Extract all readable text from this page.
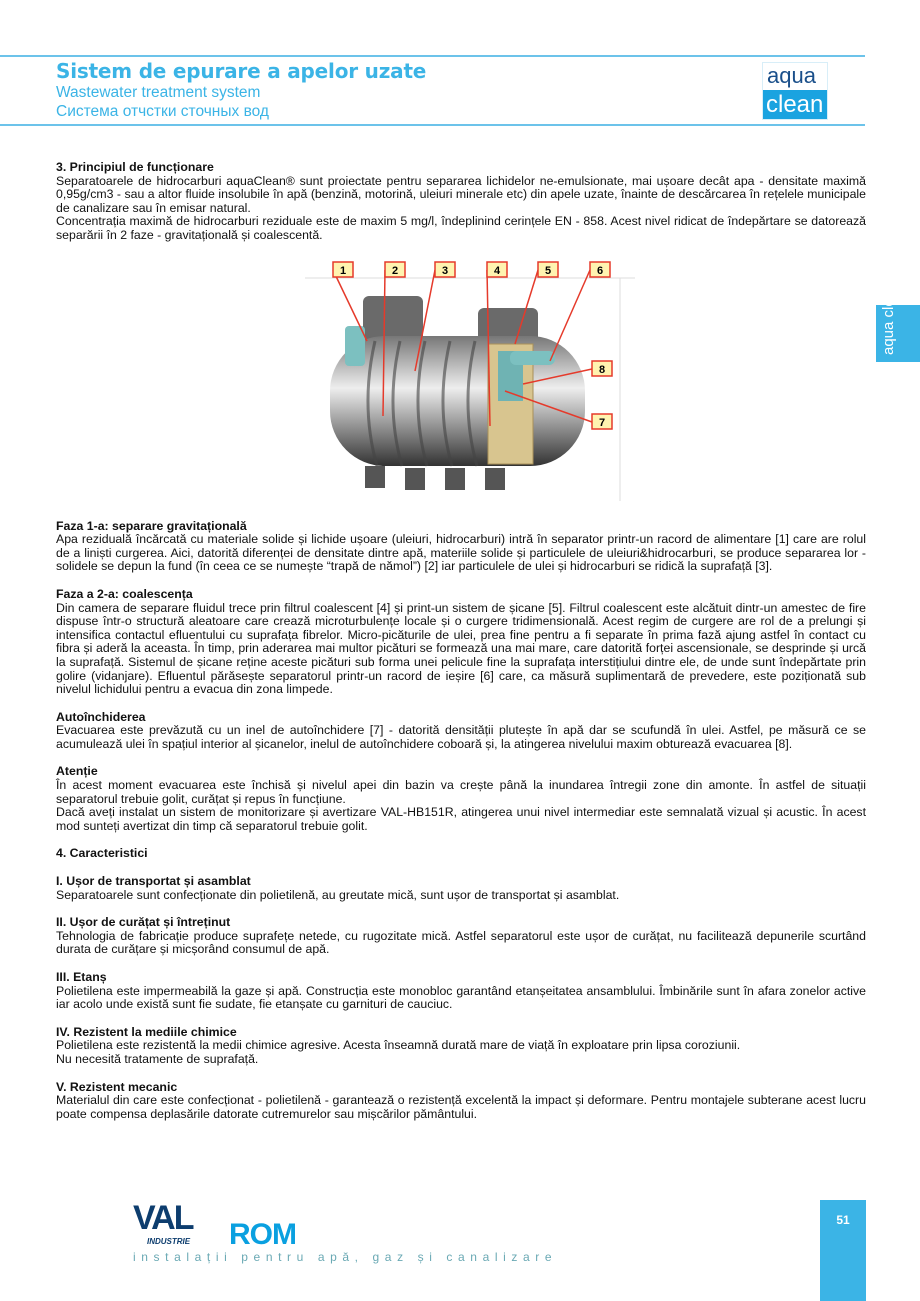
Sistem de epurare a apelor uzate
Wastewater treatment system
Система отчстки сточных вод
aqua
clean
aqua clean
3. Principiul de funcționare

Separatoarele de hidrocarburi aquaClean® sunt proiectate pentru separarea lichidelor ne-emulsionate, mai ușoare decât apa - densitate maximă 0,95g/cm3 - sau a altor fluide insolubile în apă (benzină, motorină, uleiuri minerale etc) din apele uzate, înainte de descărcarea în rețelele municipale de canalizare sau în emisar natural.

Concentrația maximă de hidrocarburi reziduale este de maxim 5 mg/l, îndeplinind cerințele EN - 858. Acest nivel ridicat de îndepărtare se datorează separării în 2 faze - gravitațională și coalescentă.

1	2	3	4	5	6
7
8
Faza 1-a: separare gravitațională

Apa reziduală încărcată cu materiale solide și lichide ușoare (uleiuri, hidrocarburi) intră în separator printr-un racord de alimentare [1] care are rolul de a liniști curgerea. Aici, datorită diferenței de densitate dintre apă, materiile solide și particulele de uleiuri&hidrocarburi, se produce separarea lor - solidele se depun la fund (în ceea ce se numește “trapă de nămol”) [2] iar particulele de ulei și hidrocarburi se ridică la suprafață [3].

Faza a 2-a: coalescența

Din camera de separare fluidul trece prin filtrul coalescent [4] și print-un sistem de șicane [5]. Filtrul coalescent este alcătuit dintr-un amestec de fire dispuse într-o structură aleatoare care crează microturbulențe locale și o curgere tridimensională. Acest regim de curgere are rol de a prelungi și intensifica contactul efluentului cu suprafața fibrelor. Micro-picăturile de ulei, prea fine pentru a fi separate în prima fază ajung astfel în contact cu fibra și aderă la aceasta. În timp, prin aderarea mai multor picături se formează una mai mare, care datorită forței ascensionale, se desprinde și urcă la suprafață. Sistemul de șicane reține aceste picături sub forma unei pelicule fine la suprafața interstițiului dintre ele, de unde sunt îndepărtate prin golire (vidanjare). Efluentul părăsește separatorul printr-un racord de ieșire [6] care, ca măsură suplimentară de prevedere, este poziționată sub nivelul lichidului pentru a evacua din zona limpede.

Autoînchiderea

Evacuarea este prevăzută cu un inel de autoînchidere [7] - datorită densității plutește în apă dar se scufundă în ulei. Astfel, pe măsură ce se acumulează ulei în spațiul interior al șicanelor, inelul de autoînchidere coboară și, la atingerea nivelului maxim obturează evacuarea [8].

Atenție

În acest moment evacuarea este închisă și nivelul apei din bazin va crește până la inundarea întregii zone din amonte. În astfel de situații separatorul trebuie golit, curățat și repus în funcțiune.

Dacă aveți instalat un sistem de monitorizare și avertizare VAL-HB151R, atingerea unui nivel intermediar este semnalată vizual și acustic. În acest mod sunteți avertizat din timp că separatorul trebuie golit.

4. Caracteristici
I. Ușor de transportat și asamblat

Separatoarele sunt confecționate din polietilenă, au greutate mică, sunt ușor de transportat și asamblat.

II. Ușor de curățat și întreținut

Tehnologia de fabricație produce suprafețe netede, cu rugozitate mică. Astfel separatorul este ușor de curățat, nu facilitează depunerile scurtând durata de curățare și micșorând consumul de apă.

III. Etanș

Polietilena este impermeabilă la gaze și apă. Construcția este monobloc garantând etanșeitatea ansamblului. Îmbinările sunt în afara zonelor active iar acolo unde există sunt fie sudate, fie etanșate cu garnituri de cauciuc.

IV. Rezistent la mediile chimice

Polietilena este rezistentă la medii chimice agresive. Acesta înseamnă durată mare de viață în exploatare prin lipsa coroziunii.

Nu necesită tratamente de suprafață.

V. Rezistent mecanic

Materialul din care este confecționat - polietilenă - garantează o rezistență excelentă la impact și deformare. Pentru montajele subterane acest lucru poate compensa deplasările datorate cutremurelor sau mișcărilor pământului.

VAL ROM
INDUSTRIE
instalații pentru apă, gaz și canalizare
51
